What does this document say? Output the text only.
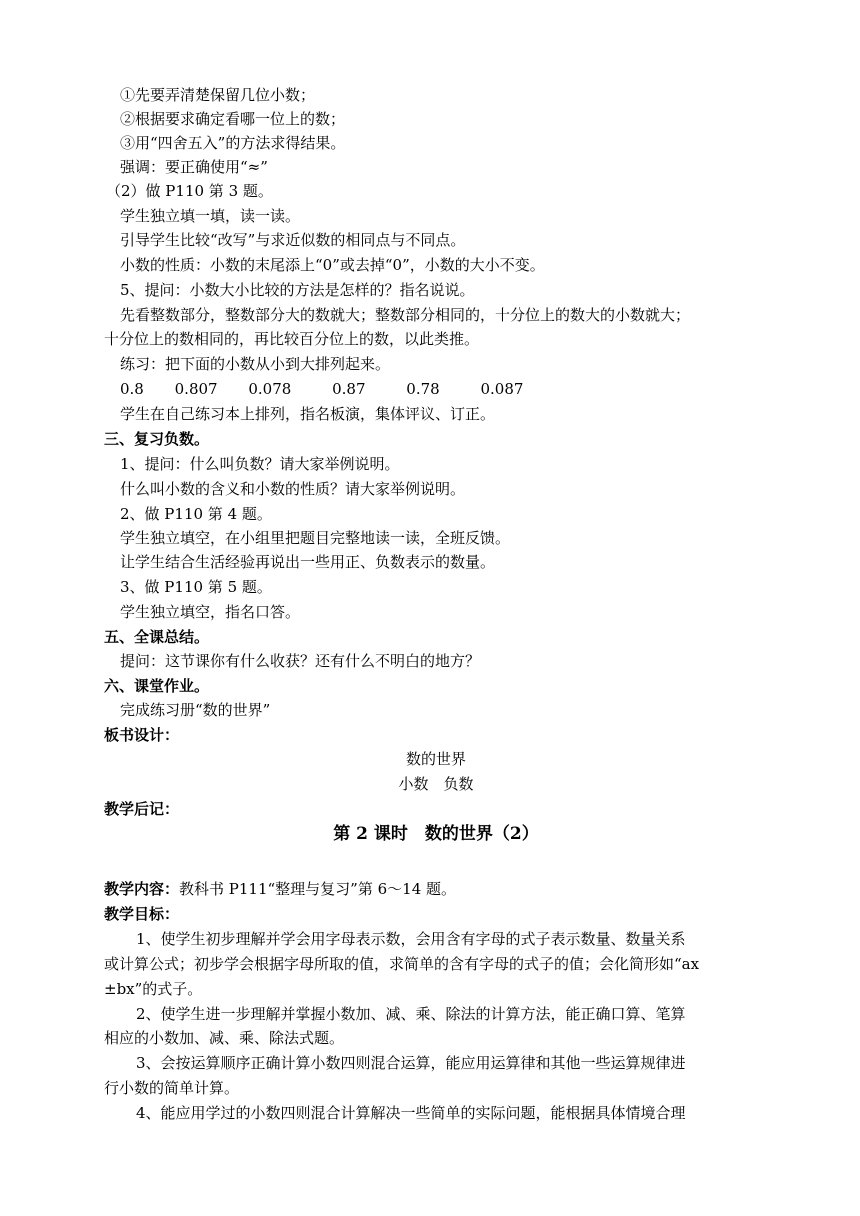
①先要弄清楚保留几位小数；
②根据要求确定看哪一位上的数；
③用“四舍五入”的方法求得结果。
强调：要正确使用“≈”
（2）做 P110 第 3 题。
学生独立填一填，读一读。
引导学生比较“改写”与求近似数的相同点与不同点。
小数的性质：小数的末尾添上“0”或去掉“0”，小数的大小不变。
5、提问：小数大小比较的方法是怎样的？指名说说。
先看整数部分，整数部分大的数就大；整数部分相同的，十分位上的数大的小数就大；
十分位上的数相同的，再比较百分位上的数，以此类推。
练习：把下面的小数从小到大排列起来。
0.8 0.807 0.078	0.87	0.78	0.087
学生在自己练习本上排列，指名板演，集体评议、订正。
三、复习负数。
1、提问：什么叫负数？请大家举例说明。
什么叫小数的含义和小数的性质？请大家举例说明。
2、做 P110 第 4 题。
学生独立填空，在小组里把题目完整地读一读，全班反馈。
让学生结合生活经验再说出一些用正、负数表示的数量。
3、做 P110 第 5 题。
学生独立填空，指名口答。
五、全课总结。
提问：这节课你有什么收获？还有什么不明白的地方？
六、课堂作业。
完成练习册“数的世界”
板书设计：
数的世界
小数　负数
教学后记：
第 2 课时　数的世界（2）
教学内容：教科书 P111“整理与复习”第 6～14 题。
教学目标：
1、使学生初步理解并学会用字母表示数，会用含有字母的式子表示数量、数量关系
或计算公式；初步学会根据字母所取的值，求简单的含有字母的式子的值；会化简形如“ax
±bx”的式子。
2、使学生进一步理解并掌握小数加、减、乘、除法的计算方法，能正确口算、笔算
相应的小数加、减、乘、除法式题。
3、会按运算顺序正确计算小数四则混合运算，能应用运算律和其他一些运算规律进
行小数的简单计算。
4、能应用学过的小数四则混合计算解决一些简单的实际问题，能根据具体情境合理
